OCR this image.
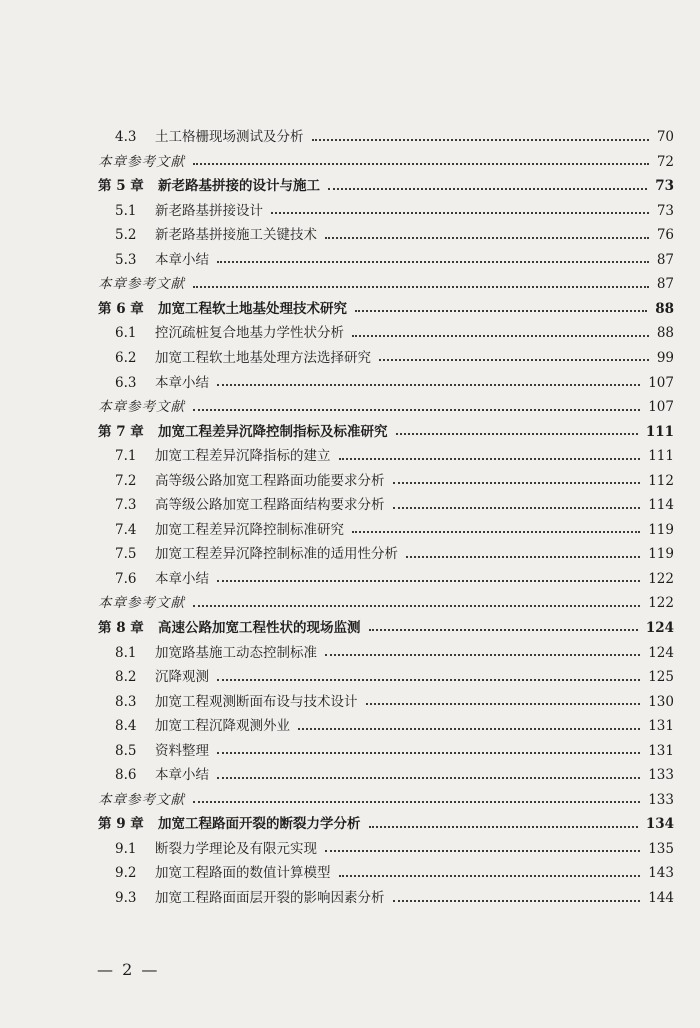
4.3	土工格栅现场测试及分析	70
本章参考文献	72
第 5 章	新老路基拼接的设计与施工	73
5.1	新老路基拼接设计	73
5.2	新老路基拼接施工关键技术	76
5.3	本章小结	87
本章参考文献	87
第 6 章	加宽工程软土地基处理技术研究	88
6.1	控沉疏桩复合地基力学性状分析	88
6.2	加宽工程软土地基处理方法选择研究	99
6.3	本章小结	107
本章参考文献	107
第 7 章	加宽工程差异沉降控制指标及标准研究	111
7.1	加宽工程差异沉降指标的建立	111
7.2	高等级公路加宽工程路面功能要求分析	112
7.3	高等级公路加宽工程路面结构要求分析	114
7.4	加宽工程差异沉降控制标准研究	119
7.5	加宽工程差异沉降控制标准的适用性分析	119
7.6	本章小结	122
本章参考文献	122
第 8 章	高速公路加宽工程性状的现场监测	124
8.1	加宽路基施工动态控制标准	124
8.2	沉降观测	125
8.3	加宽工程观测断面布设与技术设计	130
8.4	加宽工程沉降观测外业	131
8.5	资料整理	131
8.6	本章小结	133
本章参考文献	133
第 9 章	加宽工程路面开裂的断裂力学分析	134
9.1	断裂力学理论及有限元实现	135
9.2	加宽工程路面的数值计算模型	143
9.3	加宽工程路面面层开裂的影响因素分析	144
— 2 —
